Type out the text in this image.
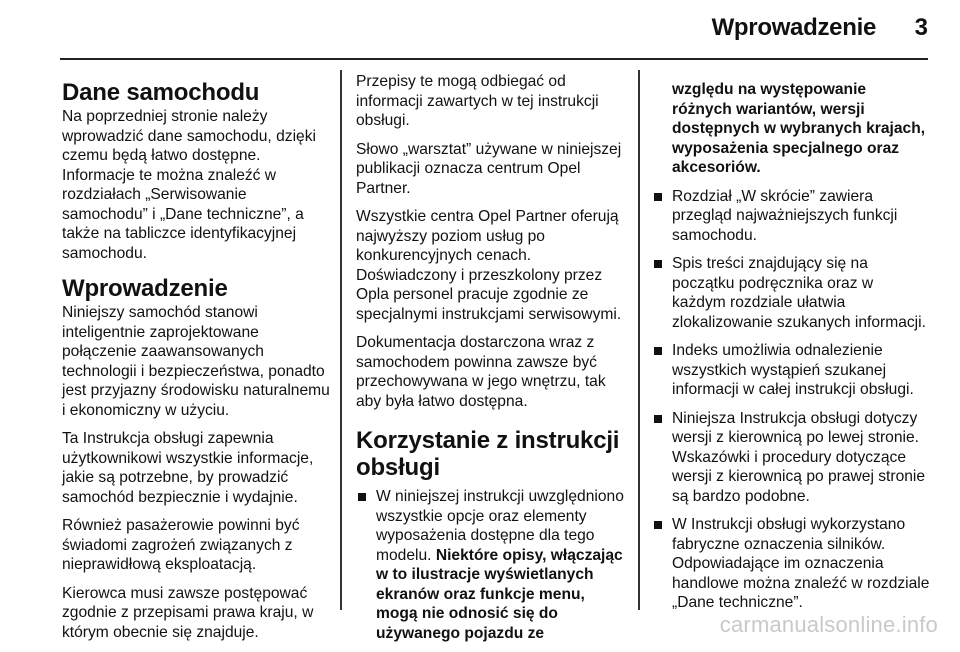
Wprowadzenie 3
Dane samochodu

Na poprzedniej stronie należy wprowadzić dane samochodu, dzięki czemu będą łatwo dostępne. Informacje te można znaleźć w rozdziałach „Serwisowanie samochodu” i „Dane techniczne”, a także na tabliczce identyfikacyjnej samochodu.

Wprowadzenie

Niniejszy samochód stanowi inteligentnie zaprojektowane połączenie zaawansowanych technologii i bezpieczeństwa, ponadto jest przyjazny środowisku naturalnemu i ekonomiczny w użyciu.

Ta Instrukcja obsługi zapewnia użytkownikowi wszystkie informacje, jakie są potrzebne, by prowadzić samochód bezpiecznie i wydajnie.

Również pasażerowie powinni być świadomi zagrożeń związanych z nieprawidłową eksploatacją.

Kierowca musi zawsze postępować zgodnie z przepisami prawa kraju, w którym obecnie się znajduje.

Przepisy te mogą odbiegać od informacji zawartych w tej instrukcji obsługi.

Słowo „warsztat” używane w niniejszej publikacji oznacza centrum Opel Partner.

Wszystkie centra Opel Partner oferują najwyższy poziom usług po konkurencyjnych cenach. Doświadczony i przeszkolony przez Opla personel pracuje zgodnie ze specjalnymi instrukcjami serwisowymi.

Dokumentacja dostarczona wraz z samochodem powinna zawsze być przechowywana w jego wnętrzu, tak aby była łatwo dostępna.

Korzystanie z instrukcji obsługi
W niniejszej instrukcji uwzględniono wszystkie opcje oraz elementy wyposażenia dostępne dla tego modelu. Niektóre opisy, włączając w to ilustracje wyświetlanych ekranów oraz funkcje menu, mogą nie odnosić się do używanego pojazdu ze

względu na występowanie różnych wariantów, wersji dostępnych w wybranych krajach, wyposażenia specjalnego oraz akcesoriów.

Rozdział „W skrócie” zawiera przegląd najważniejszych funkcji samochodu.
Spis treści znajdujący się na początku podręcznika oraz w każdym rozdziale ułatwia zlokalizowanie szukanych informacji.
Indeks umożliwia odnalezienie wszystkich wystąpień szukanej informacji w całej instrukcji obsługi.
Niniejsza Instrukcja obsługi dotyczy wersji z kierownicą po lewej stronie. Wskazówki i procedury dotyczące wersji z kierownicą po prawej stronie są bardzo podobne.
W Instrukcji obsługi wykorzystano fabryczne oznaczenia silników. Odpowiadające im oznaczenia handlowe można znaleźć w rozdziale „Dane techniczne”.
carmanualsonline.info
